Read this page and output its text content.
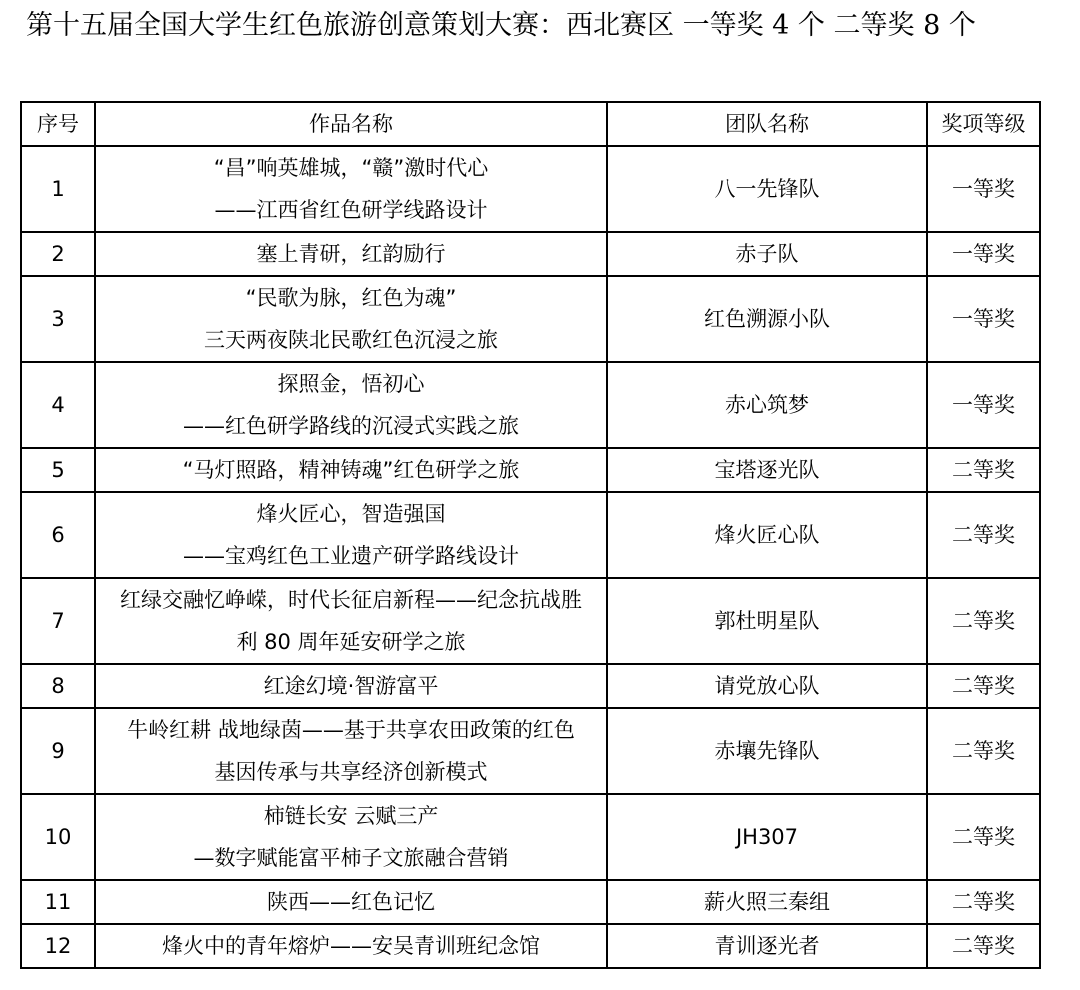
第十五届全国大学生红色旅游创意策划大赛：西北赛区 一等奖 4 个 二等奖 8 个
序号	作品名称	团队名称	奖项等级
1	“昌”响英雄城，“赣”激时代心
——江西省红色研学线路设计	八一先锋队	一等奖
2	塞上青研，红韵励行	赤子队	一等奖
3	“民歌为脉，红色为魂”
三天两夜陕北民歌红色沉浸之旅	红色溯源小队	一等奖
4	探照金，悟初心
——红色研学路线的沉浸式实践之旅	赤心筑梦	一等奖
5	“马灯照路，精神铸魂”红色研学之旅	宝塔逐光队	二等奖
6	烽火匠心，智造强国
——宝鸡红色工业遗产研学路线设计	烽火匠心队	二等奖
7	红绿交融忆峥嵘，时代长征启新程——纪念抗战胜
利 80 周年延安研学之旅	郭杜明星队	二等奖
8	红途幻境·智游富平	请党放心队	二等奖
9	牛岭红耕 战地绿茵——基于共享农田政策的红色
基因传承与共享经济创新模式	赤壤先锋队	二等奖
10	柿链长安 云赋三产
—数字赋能富平柿子文旅融合营销	JH307	二等奖
11	陕西——红色记忆	薪火照三秦组	二等奖
12	烽火中的青年熔炉——安吴青训班纪念馆	青训逐光者	二等奖
